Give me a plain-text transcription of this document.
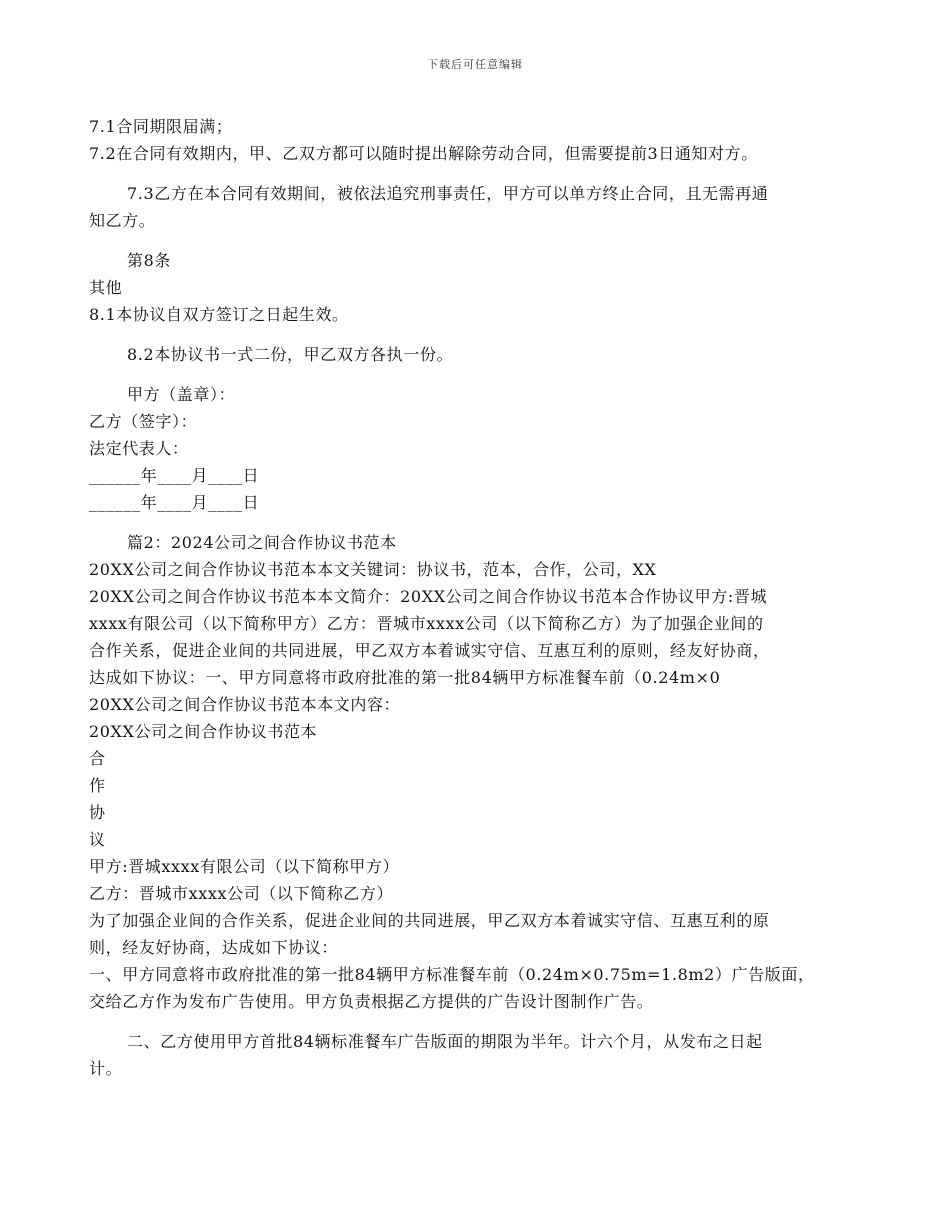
下载后可任意编辑

7.1合同期限届满；

7.2在合同有效期内，甲、乙双方都可以随时提出解除劳动合同，但需要提前3日通知对方。

7.3乙方在本合同有效期间，被依法追究刑事责任，甲方可以单方终止合同，且无需再通

知乙方。

第8条

其他

8.1本协议自双方签订之日起生效。

8.2本协议书一式二份，甲乙双方各执一份。

甲方（盖章）：

乙方（签字）：

法定代表人：

______年____月____日

______年____月____日

篇2：2024公司之间合作协议书范本

20XX公司之间合作协议书范本本文关键词：协议书，范本，合作，公司，XX

20XX公司之间合作协议书范本本文简介：20XX公司之间合作协议书范本合作协议甲方:晋城

xxxx有限公司（以下简称甲方）乙方：晋城市xxxx公司（以下简称乙方）为了加强企业间的

合作关系，促进企业间的共同进展，甲乙双方本着诚实守信、互惠互利的原则，经友好协商，

达成如下协议：一、甲方同意将市政府批准的第一批84辆甲方标准餐车前（0.24m×0

20XX公司之间合作协议书范本本文内容：

20XX公司之间合作协议书范本

合

作

协

议

甲方:晋城xxxx有限公司（以下简称甲方）

乙方：晋城市xxxx公司（以下简称乙方）

为了加强企业间的合作关系，促进企业间的共同进展，甲乙双方本着诚实守信、互惠互利的原

则，经友好协商，达成如下协议：

一、甲方同意将市政府批准的第一批84辆甲方标准餐车前（0.24m×0.75m=1.8m2）广告版面，

交给乙方作为发布广告使用。甲方负责根据乙方提供的广告设计图制作广告。

二、乙方使用甲方首批84辆标准餐车广告版面的期限为半年。计六个月，从发布之日起

计。
